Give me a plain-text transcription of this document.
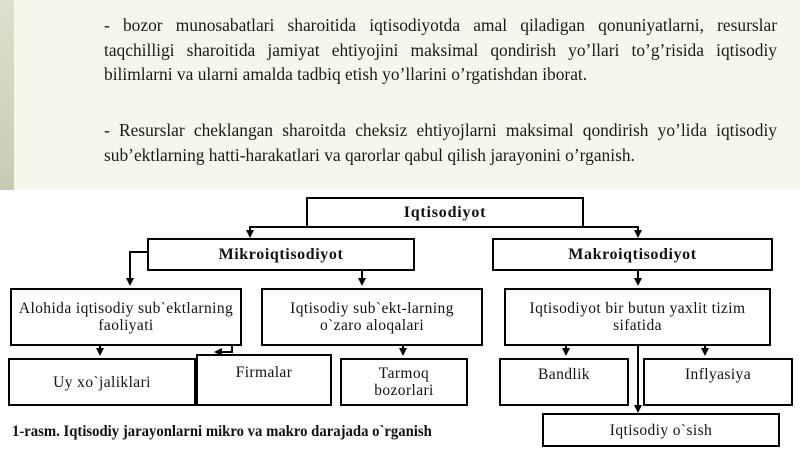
- bozor munosabatlari sharoitida iqtisodiyotda amal qiladigan qonuniyatlarni, resurslar taqchilligi sharoitida jamiyat ehtiyojini maksimal qondirish yo’llari to’g’risida iqtisodiy bilimlarni va ularni amalda tadbiq etish yo’llarini o’rgatishdan iborat.

- Resurslar cheklangan sharoitda cheksiz ehtiyojlarni maksimal qondirish yo’lida iqtisodiy sub’ektlarning hatti-harakatlari va qarorlar qabul qilish jarayonini o’rganish.

Iqtisodiyot
Mikroiqtisodiyot	Makroiqtisodiyot
Alohida iqtisodiy sub`ektlarning faoliyati
Iqtisodiy sub`ekt-larning o`zaro aloqalari
Iqtisodiyot bir butun yaxlit tizim sifatida
Uy xo`jaliklari
Firmalar	Tarmoq bozorlari
Bandlik	Inflyasiya
Iqtisodiy o`sish
1-rasm. Iqtisodiy jarayonlarni mikro va makro darajada o`rganish
